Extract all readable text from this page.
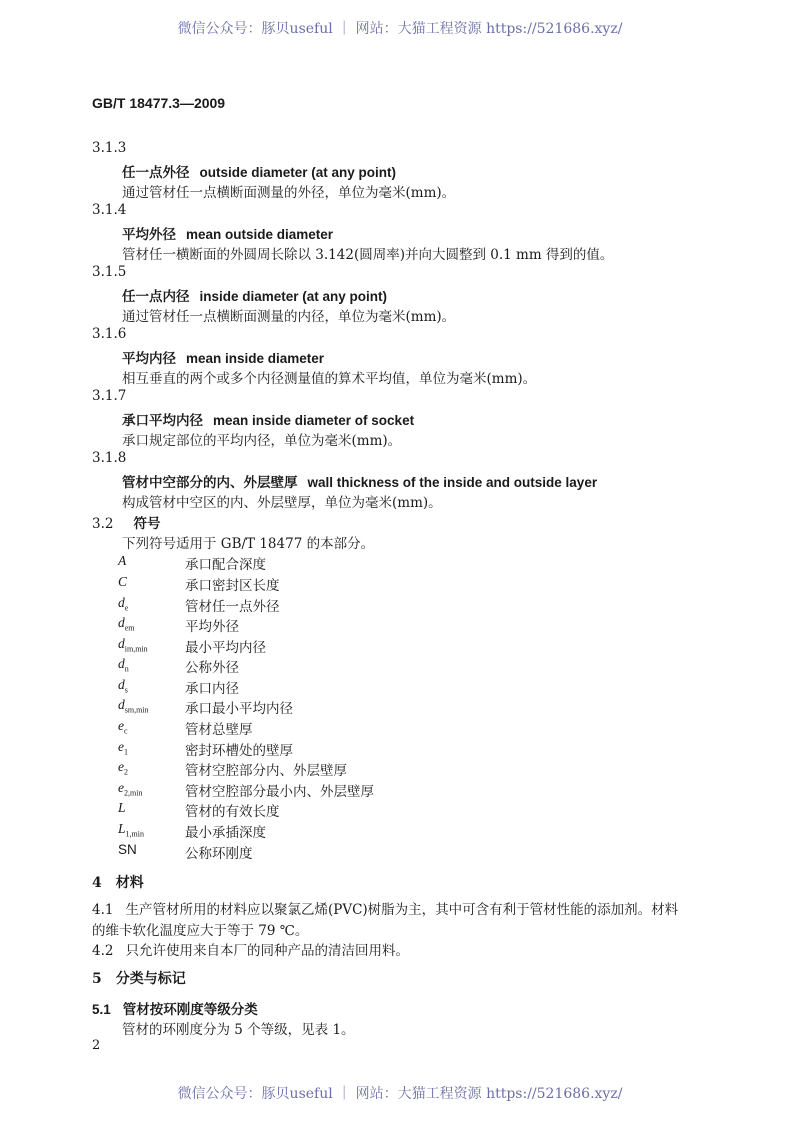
微信公众号：豚贝useful ｜ 网站：大猫工程资源 https://521686.xyz/
微信公众号：豚贝useful ｜ 网站：大猫工程资源 https://521686.xyz/
GB/T 18477.3—2009
3.1.3
任一点外径 outside diameter (at any point)
通过管材任一点横断面测量的外径，单位为毫米(mm)。
3.1.4
平均外径 mean outside diameter
管材任一横断面的外圆周长除以 3.142(圆周率)并向大圆整到 0.1 mm 得到的值。
3.1.5
任一点内径 inside diameter (at any point)
通过管材任一点横断面测量的内径，单位为毫米(mm)。
3.1.6
平均内径 mean inside diameter
相互垂直的两个或多个内径测量值的算术平均值，单位为毫米(mm)。
3.1.7
承口平均内径 mean inside diameter of socket
承口规定部位的平均内径，单位为毫米(mm)。
3.1.8
管材中空部分的内、外层壁厚 wall thickness of the inside and outside layer
构成管材中空区的内、外层壁厚，单位为毫米(mm)。
3.2 符号
下列符号适用于 GB/T 18477 的本部分。
A	承口配合深度
C	承口密封区长度
$d_e$	管材任一点外径
$d_{em}$	平均外径
$d_{im,min}$	最小平均内径
$d_n$	公称外径
$d_s$	承口内径
$d_{sm,min}$	承口最小平均内径
$e_c$	管材总壁厚
$e_1$	密封环槽处的壁厚
$e_2$	管材空腔部分内、外层壁厚
$e_{2,min}$	管材空腔部分最小内、外层壁厚
L	管材的有效长度
$L_{1,min}$	最小承插深度
SN	公称环刚度
4 材料
4.1 生产管材所用的材料应以聚氯乙烯(PVC)树脂为主，其中可含有利于管材性能的添加剂。材料
的维卡软化温度应大于等于 79 ℃。
4.2 只允许使用来自本厂的同种产品的清洁回用料。
5 分类与标记
5.1 管材按环刚度等级分类
管材的环刚度分为 5 个等级，见表 1。
2
